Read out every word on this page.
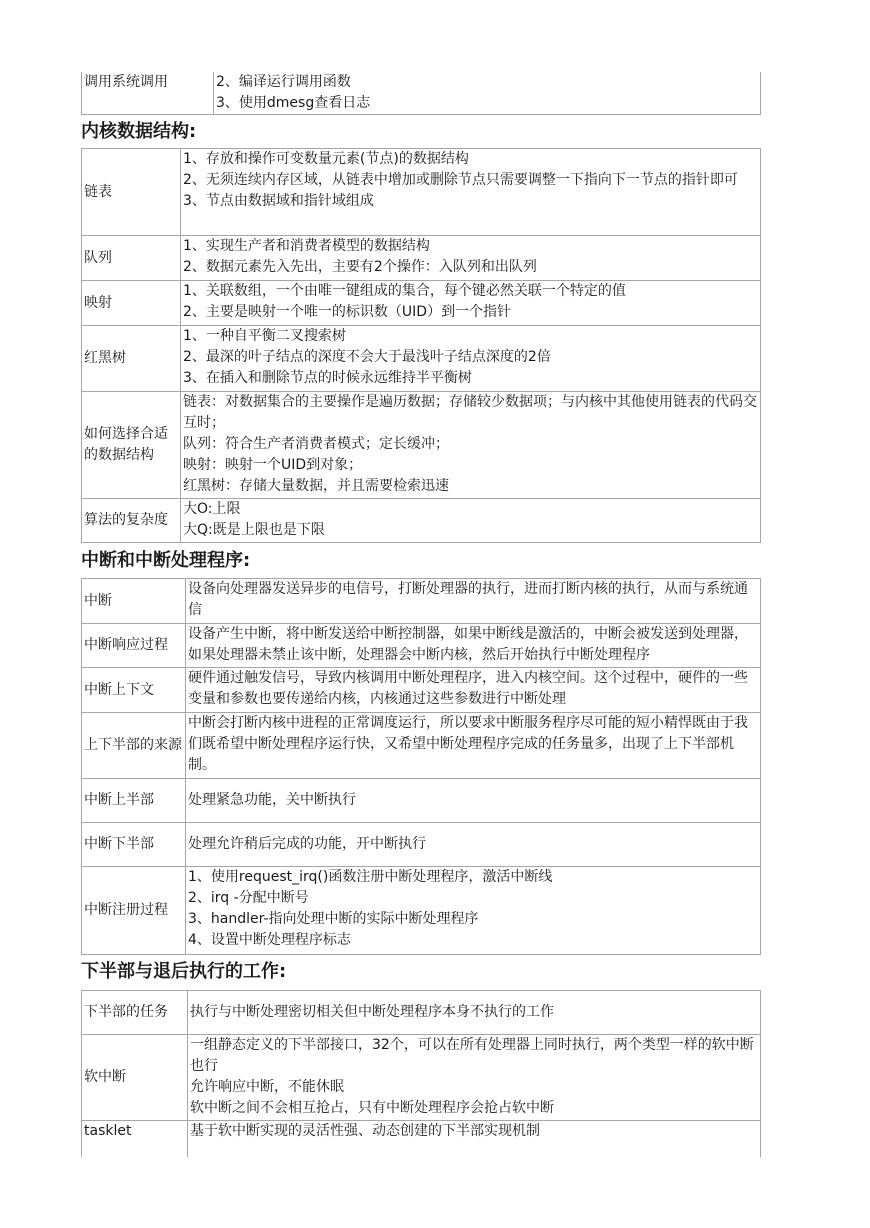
调用系统调用	2、编译运行调用函数
3、使用dmesg查看日志
内核数据结构:
链表	1、存放和操作可变数量元素(节点)的数据结构
2、无须连续内存区域，从链表中增加或删除节点只需要调整一下指向下一节点的指针即可
3、节点由数据域和指针域组成

队列	1、实现生产者和消费者模型的数据结构
2、数据元素先入先出，主要有2个操作：入队列和出队列

映射	1、关联数组，一个由唯一键组成的集合，每个键必然关联一个特定的值
2、主要是映射一个唯一的标识数（UID）到一个指针

红黑树	1、一种自平衡二叉搜索树
2、最深的叶子结点的深度不会大于最浅叶子结点深度的2倍
3、在插入和删除节点的时候永远维持半平衡树

如何选择合适的数据结构	链表：对数据集合的主要操作是遍历数据；存储较少数据项；与内核中其他使用链表的代码交互时；
队列：符合生产者消费者模式；定长缓冲；
映射：映射一个UID到对象；
红黑树：存储大量数据，并且需要检索迅速

算法的复杂度	大O:上限
大Q:既是上限也是下限
中断和中断处理程序:
中断	设备向处理器发送异步的电信号，打断处理器的执行，进而打断内核的执行，从而与系统通信

中断响应过程	设备产生中断，将中断发送给中断控制器，如果中断线是激活的，中断会被发送到处理器，如果处理器未禁止该中断，处理器会中断内核，然后开始执行中断处理程序

中断上下文	硬件通过触发信号，导致内核调用中断处理程序，进入内核空间。这个过程中，硬件的一些变量和参数也要传递给内核，内核通过这些参数进行中断处理

上下半部的来源	中断会打断内核中进程的正常调度运行，所以要求中断服务程序尽可能的短小精悍既由于我们既希望中断处理程序运行快，又希望中断处理程序完成的任务量多，出现了上下半部机制。

中断上半部	处理紧急功能，关中断执行

中断下半部	处理允许稍后完成的功能，开中断执行

中断注册过程	1、使用request_irq()函数注册中断处理程序，激活中断线
2、irq -分配中断号
3、handler-指向处理中断的实际中断处理程序
4、设置中断处理程序标志
下半部与退后执行的工作:
下半部的任务	执行与中断处理密切相关但中断处理程序本身不执行的工作

软中断	一组静态定义的下半部接口，32个，可以在所有处理器上同时执行，两个类型一样的软中断也行
允许响应中断，不能休眠
软中断之间不会相互抢占，只有中断处理程序会抢占软中断

tasklet	基于软中断实现的灵活性强、动态创建的下半部实现机制
